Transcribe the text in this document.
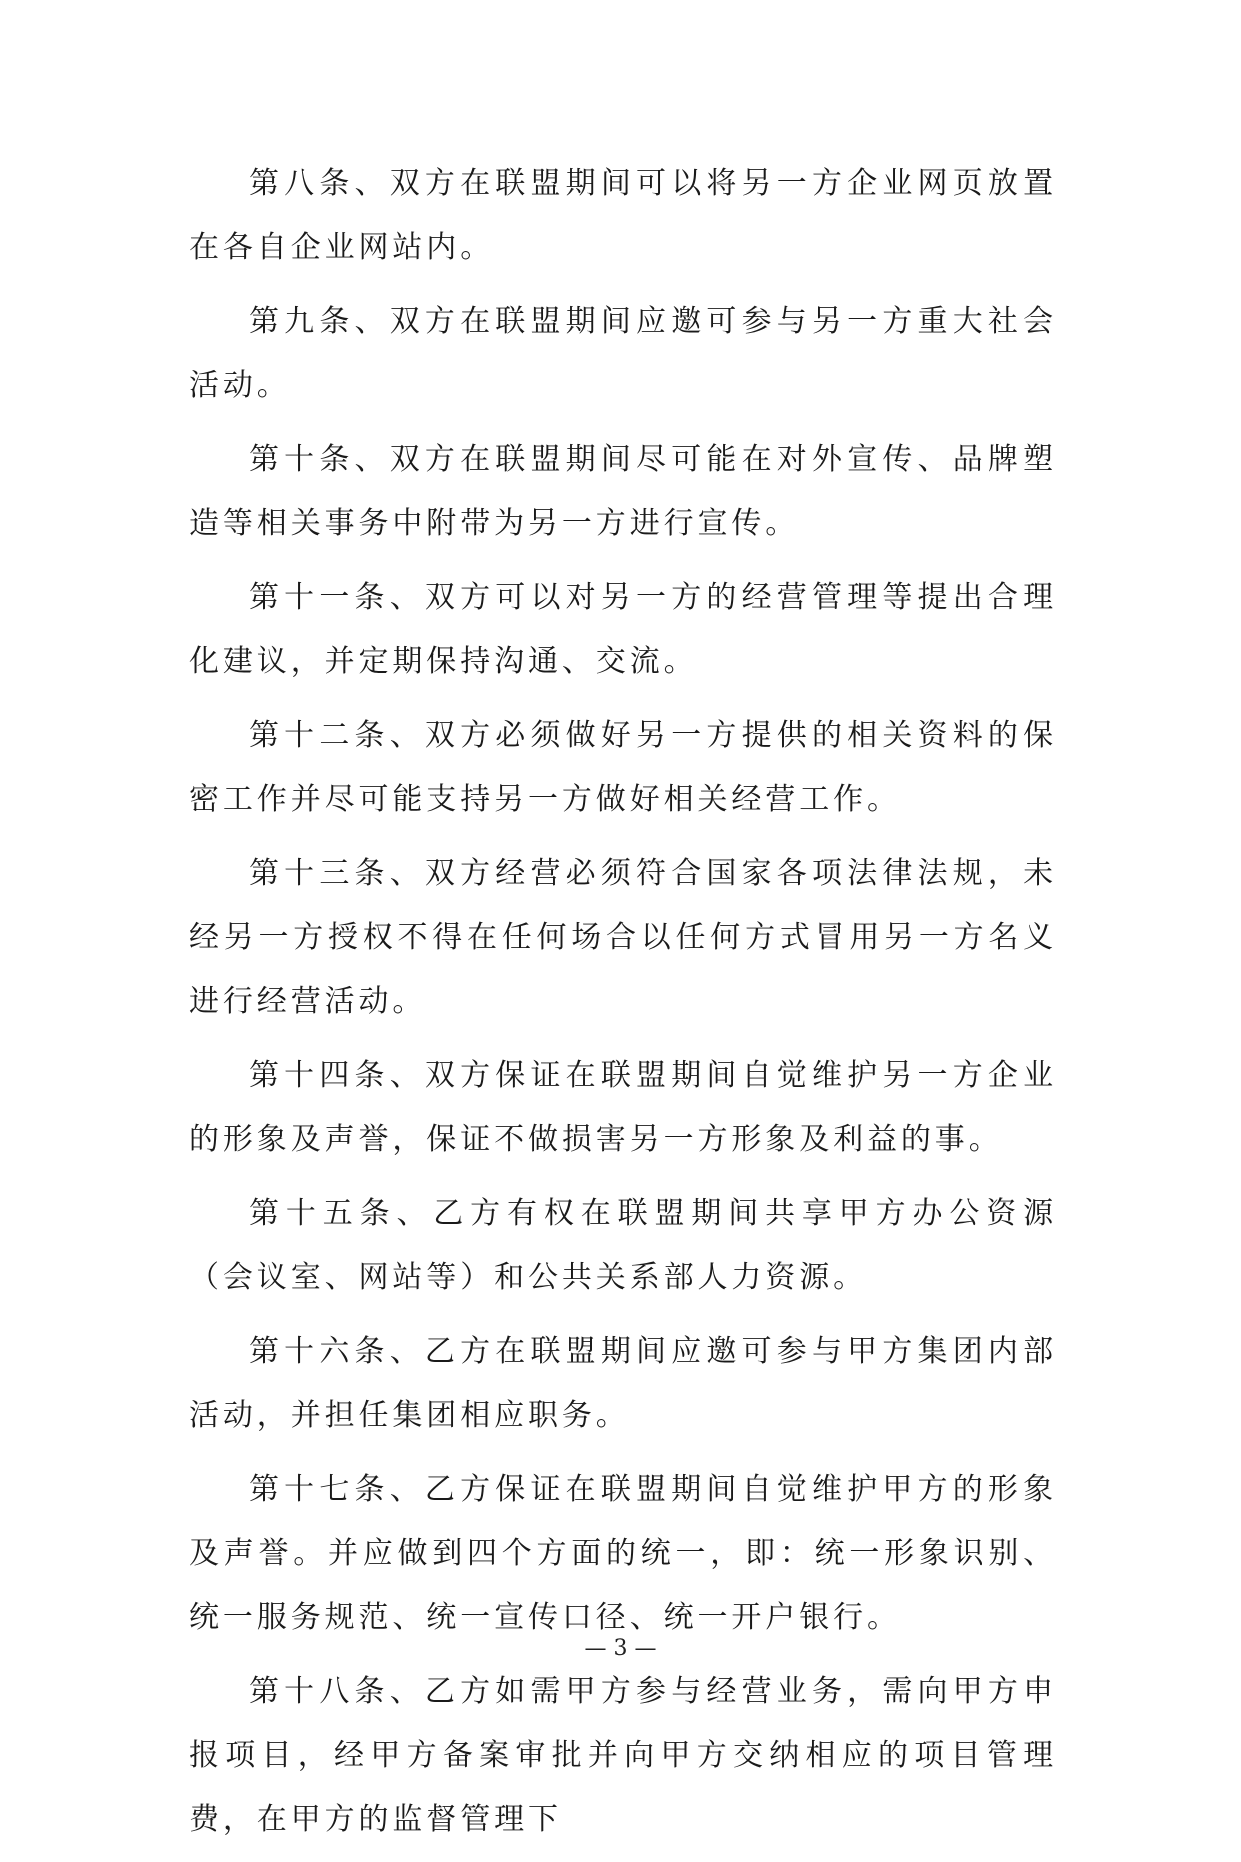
第八条、双方在联盟期间可以将另一方企业网页放置在各自企业网站内。

第九条、双方在联盟期间应邀可参与另一方重大社会活动。

第十条、双方在联盟期间尽可能在对外宣传、品牌塑造等相关事务中附带为另一方进行宣传。

第十一条、双方可以对另一方的经营管理等提出合理化建议，并定期保持沟通、交流。

第十二条、双方必须做好另一方提供的相关资料的保密工作并尽可能支持另一方做好相关经营工作。

第十三条、双方经营必须符合国家各项法律法规，未经另一方授权不得在任何场合以任何方式冒用另一方名义进行经营活动。

第十四条、双方保证在联盟期间自觉维护另一方企业的形象及声誉，保证不做损害另一方形象及利益的事。

第十五条、乙方有权在联盟期间共享甲方办公资源（会议室、网站等）和公共关系部人力资源。

第十六条、乙方在联盟期间应邀可参与甲方集团内部活动，并担任集团相应职务。

第十七条、乙方保证在联盟期间自觉维护甲方的形象及声誉。并应做到四个方面的统一，即：统一形象识别、统一服务规范、统一宣传口径、统一开户银行。

第十八条、乙方如需甲方参与经营业务，需向甲方申报项目，经甲方备案审批并向甲方交纳相应的项目管理费，在甲方的监督管理下

— 3 —
